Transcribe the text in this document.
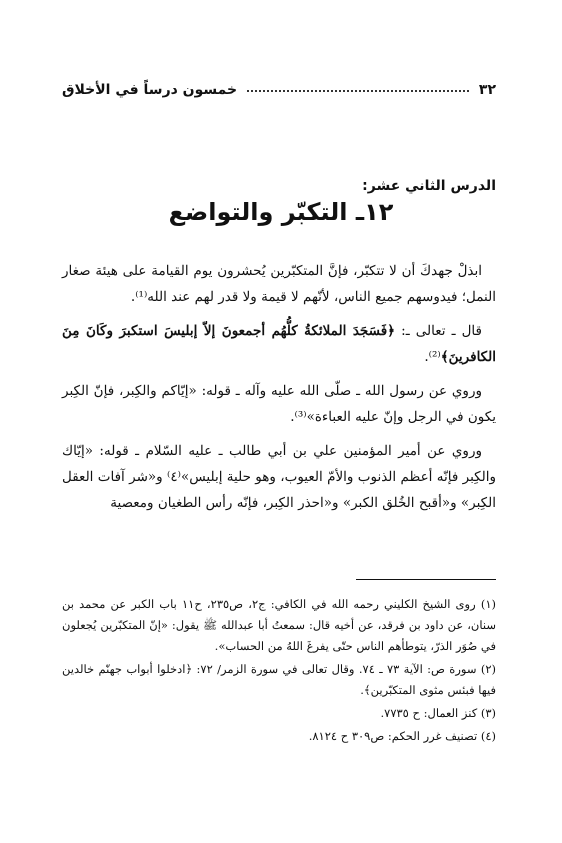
٣٢
خمسون درساً في الأخلاق
الدرس الثاني عشر:
١٢ـ التكبّر والتواضع

ابذلْ جهدكَ أن لا تتكبّر، فإنَّ المتكبّرين يُحشرون يوم القيامة على هيئة صغار النمل؛ فيدوسهم جميع الناس، لأنّهم لا قيمة ولا قدر لهم عند الله⁽¹⁾.

قال ـ تعالى ـ: ﴿فَسَجَدَ الملائكةُ كلُّهُم أجمعونَ إلاّ إبليسَ استكبرَ وكَانَ مِنَ الكافرينَ﴾⁽²⁾.

وروي عن رسول الله ـ صلّى الله عليه وآله ـ قوله: «إيّاكم والكِبر، فإنّ الكِبر يكون في الرجل وإنّ عليه العباءة»⁽³⁾.

وروي عن أمير المؤمنين علي بن أبي طالب ـ عليه السّلام ـ قوله: «إيّاك والكِبر فإنّه أعظم الذنوب والأمّ العيوب، وهو حلية إبليس»⁽٤⁾ و«شر آفات العقل الكِبر» و«أقبح الخُلق الكبر» و«احذر الكِبر، فإنّه رأس الطغيان ومعصية

(١) روى الشيخ الكليني رحمه الله في الكافي: ج٢، ص٢٣٥، ح١١ باب الكبر عن محمد بن سنان، عن داود بن فرقد، عن أخيه قال: سمعتُ أبا عبدالله ﷺ يقول: «إنّ المتكبّرين يُجعلون في صُوَر الذرّ، يتوطأهم الناس حتّى يفرغَ اللهُ من الحساب».
(٢) سورة ص: الآية ٧٣ ـ ٧٤. وقال تعالى في سورة الزمر/ ٧٢: ﴿ادخلوا أبواب جهنّم خالدين فيها فبئس مثوى المتكبّرين﴾.
(٣) كنز العمال: ح ٧٧٣٥.
(٤) تصنيف غرر الحكم: ص٣٠٩ ح ٨١٢٤.
